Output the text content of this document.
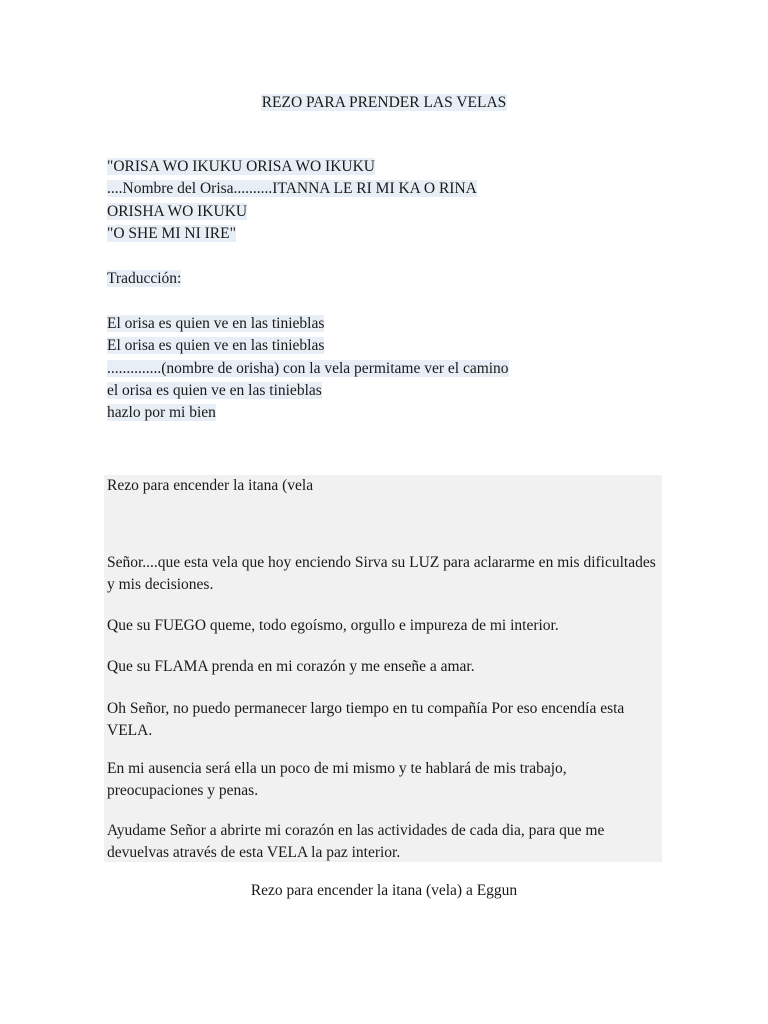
REZO PARA PRENDER LAS VELAS
"ORISA WO IKUKU ORISA WO IKUKU
....Nombre del Orisa..........ITANNA LE RI MI KA O RINA
ORISHA WO IKUKU
"O SHE MI NI IRE"
Traducción:
El orisa es quien ve en las tinieblas
El orisa es quien ve en las tinieblas
..............(nombre de orisha) con la vela permitame ver el camino
el orisa es quien ve en las tinieblas
hazlo por mi bien

Rezo para encender la itana (vela

Señor....que esta vela que hoy enciendo Sirva su LUZ para aclararme en mis dificultades y mis decisiones.

Que su FUEGO queme, todo egoísmo, orgullo e impureza de mi interior.

Que su FLAMA prenda en mi corazón y me enseñe a amar.

Oh Señor, no puedo permanecer largo tiempo en tu compañía Por eso encendía esta VELA.

En mi ausencia será ella un poco de mi mismo y te hablará de mis trabajo, preocupaciones y penas.

Ayudame Señor a abrirte mi corazón en las actividades de cada dia, para que me devuelvas através de esta VELA la paz interior.

Rezo para encender la itana (vela) a Eggun
